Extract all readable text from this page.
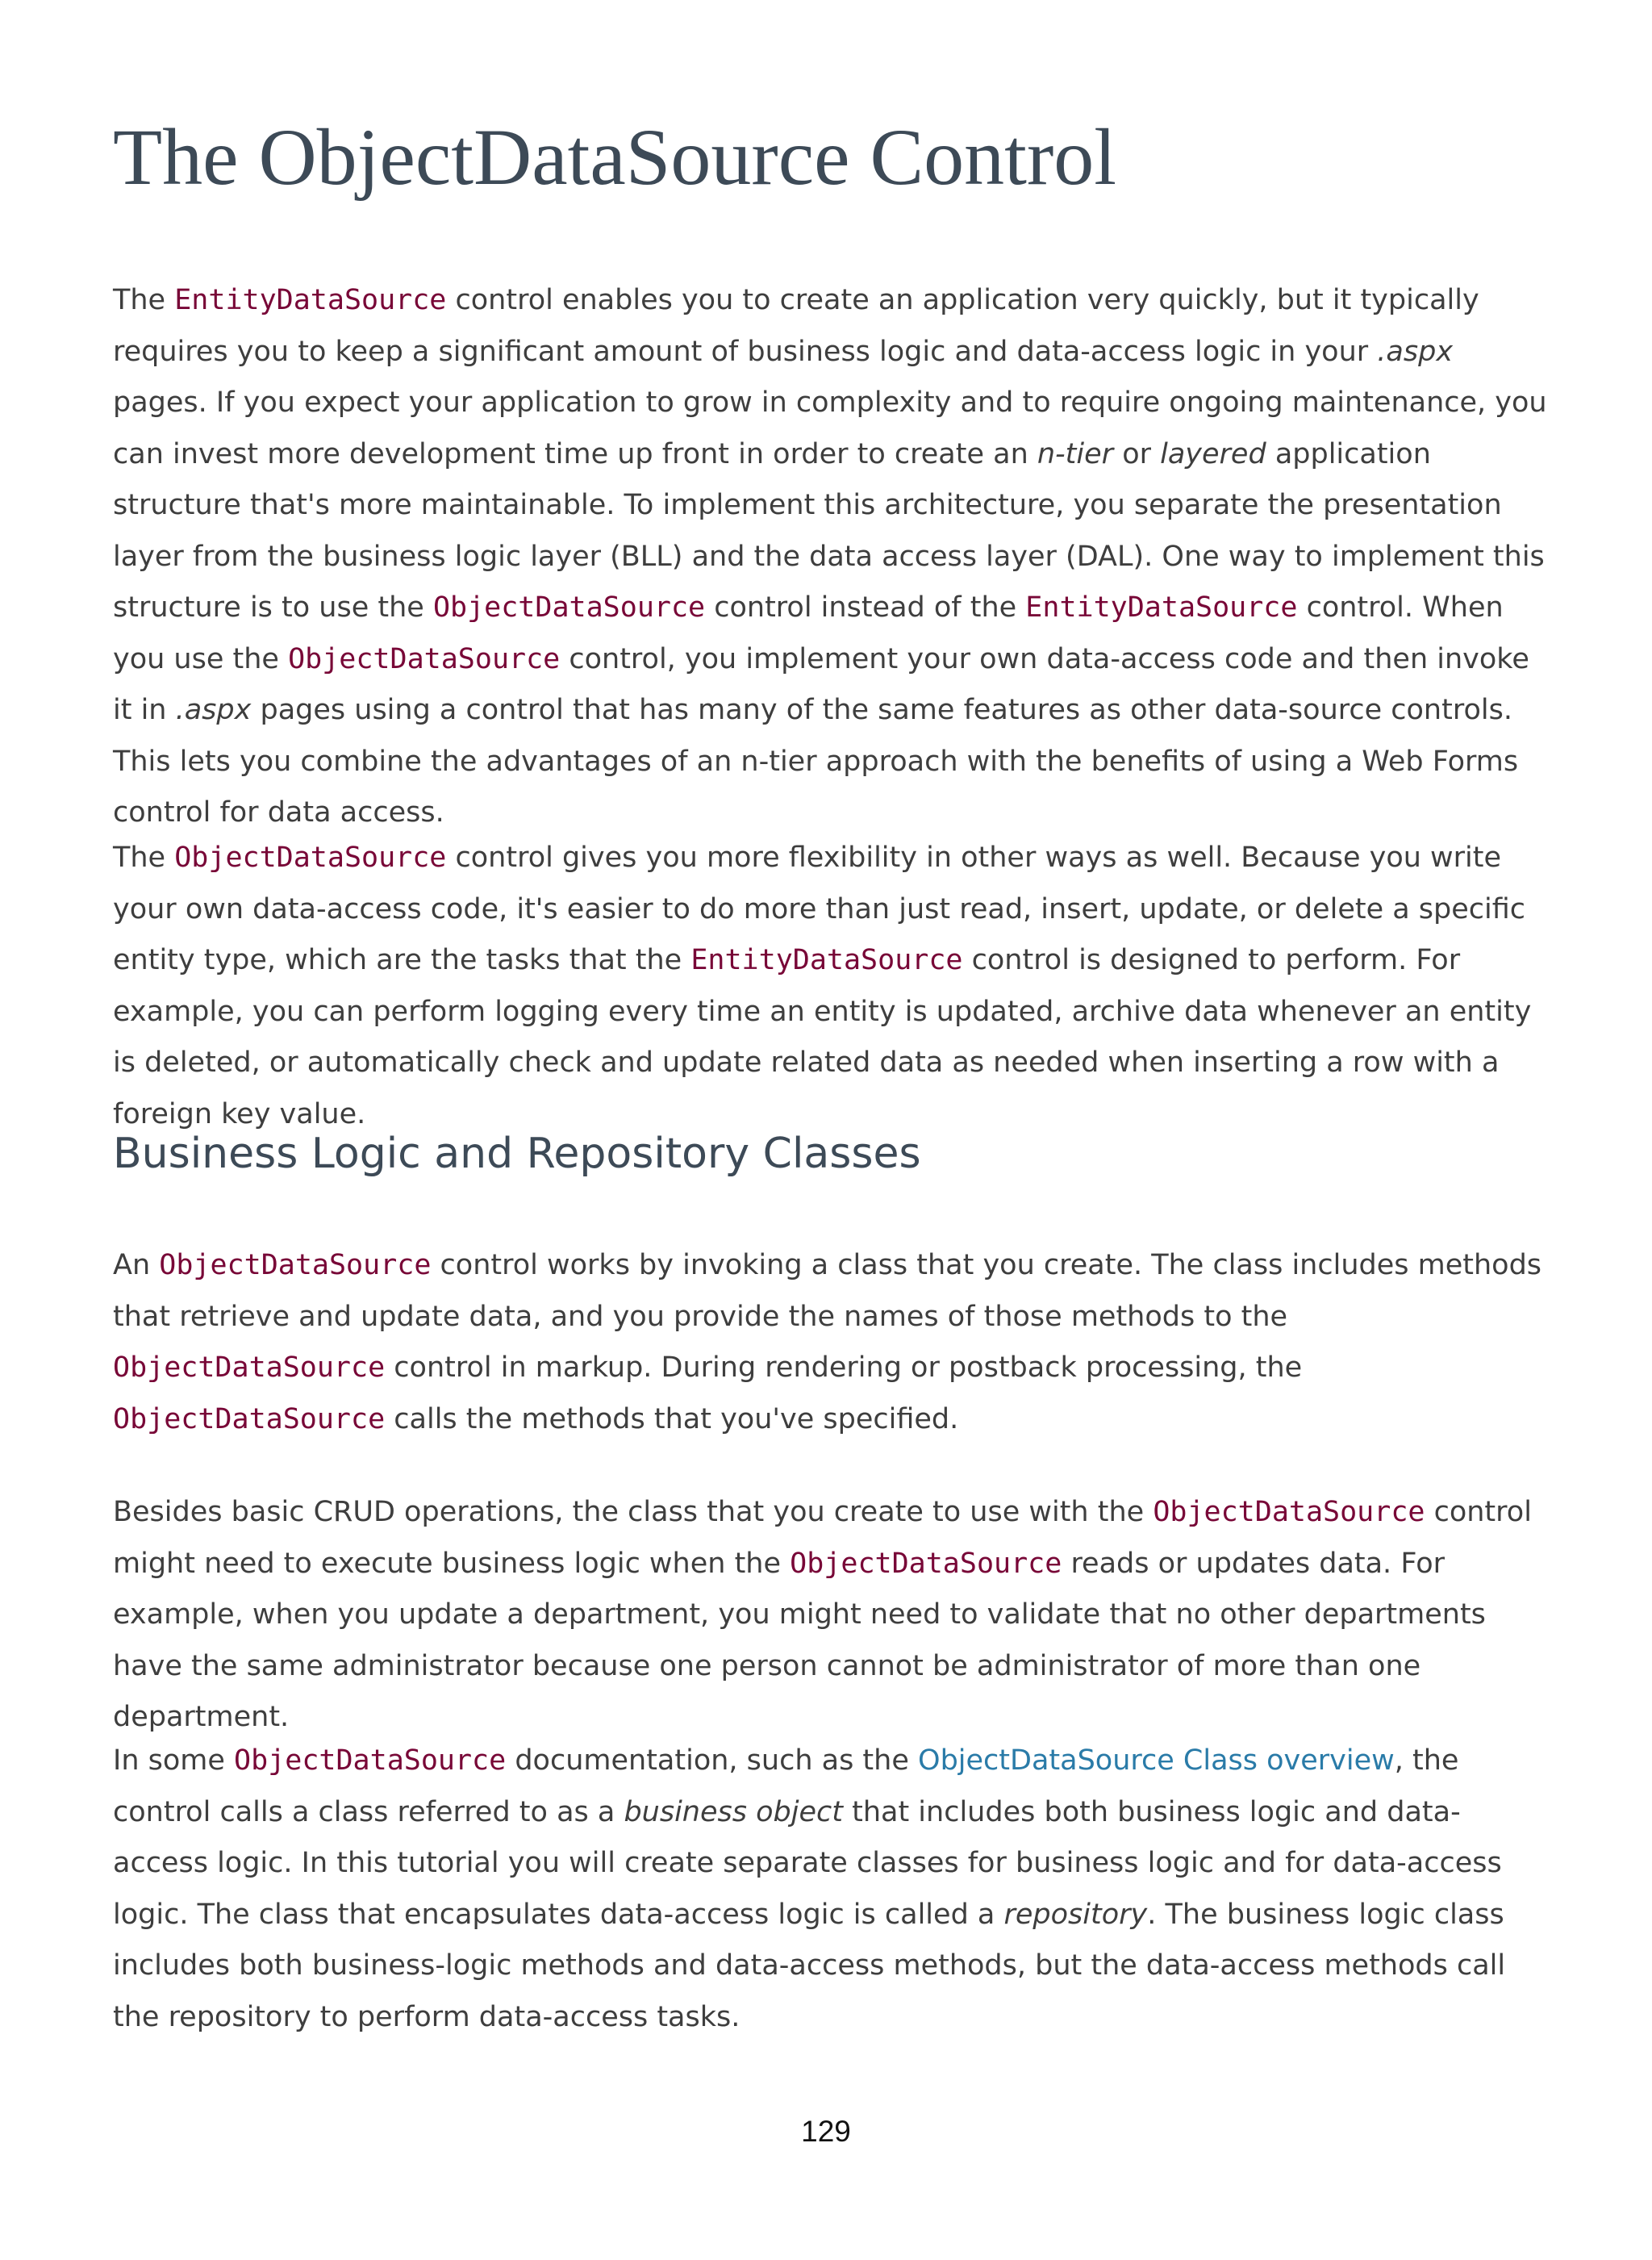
The ObjectDataSource Control

The EntityDataSource control enables you to create an application very quickly, but it typically requires you to keep a significant amount of business logic and data-access logic in your .aspx pages. If you expect your application to grow in complexity and to require ongoing maintenance, you can invest more development time up front in order to create an n-tier or layered application structure that's more maintainable. To implement this architecture, you separate the presentation layer from the business logic layer (BLL) and the data access layer (DAL). One way to implement this structure is to use the ObjectDataSource control instead of the EntityDataSource control. When you use the ObjectDataSource control, you implement your own data-access code and then invoke it in .aspx pages using a control that has many of the same features as other data-source controls. This lets you combine the advantages of an n-tier approach with the benefits of using a Web Forms control for data access.

The ObjectDataSource control gives you more flexibility in other ways as well. Because you write your own data-access code, it's easier to do more than just read, insert, update, or delete a specific entity type, which are the tasks that the EntityDataSource control is designed to perform. For example, you can perform logging every time an entity is updated, archive data whenever an entity is deleted, or automatically check and update related data as needed when inserting a row with a foreign key value.

Business Logic and Repository Classes

An ObjectDataSource control works by invoking a class that you create. The class includes methods that retrieve and update data, and you provide the names of those methods to the ObjectDataSource control in markup. During rendering or postback processing, the ObjectDataSource calls the methods that you've specified.

Besides basic CRUD operations, the class that you create to use with the ObjectDataSource control might need to execute business logic when the ObjectDataSource reads or updates data. For example, when you update a department, you might need to validate that no other departments have the same administrator because one person cannot be administrator of more than one department.

In some ObjectDataSource documentation, such as the ObjectDataSource Class overview, the control calls a class referred to as a business object that includes both business logic and data-access logic. In this tutorial you will create separate classes for business logic and for data-access logic. The class that encapsulates data-access logic is called a repository. The business logic class includes both business-logic methods and data-access methods, but the data-access methods call the repository to perform data-access tasks.

129
